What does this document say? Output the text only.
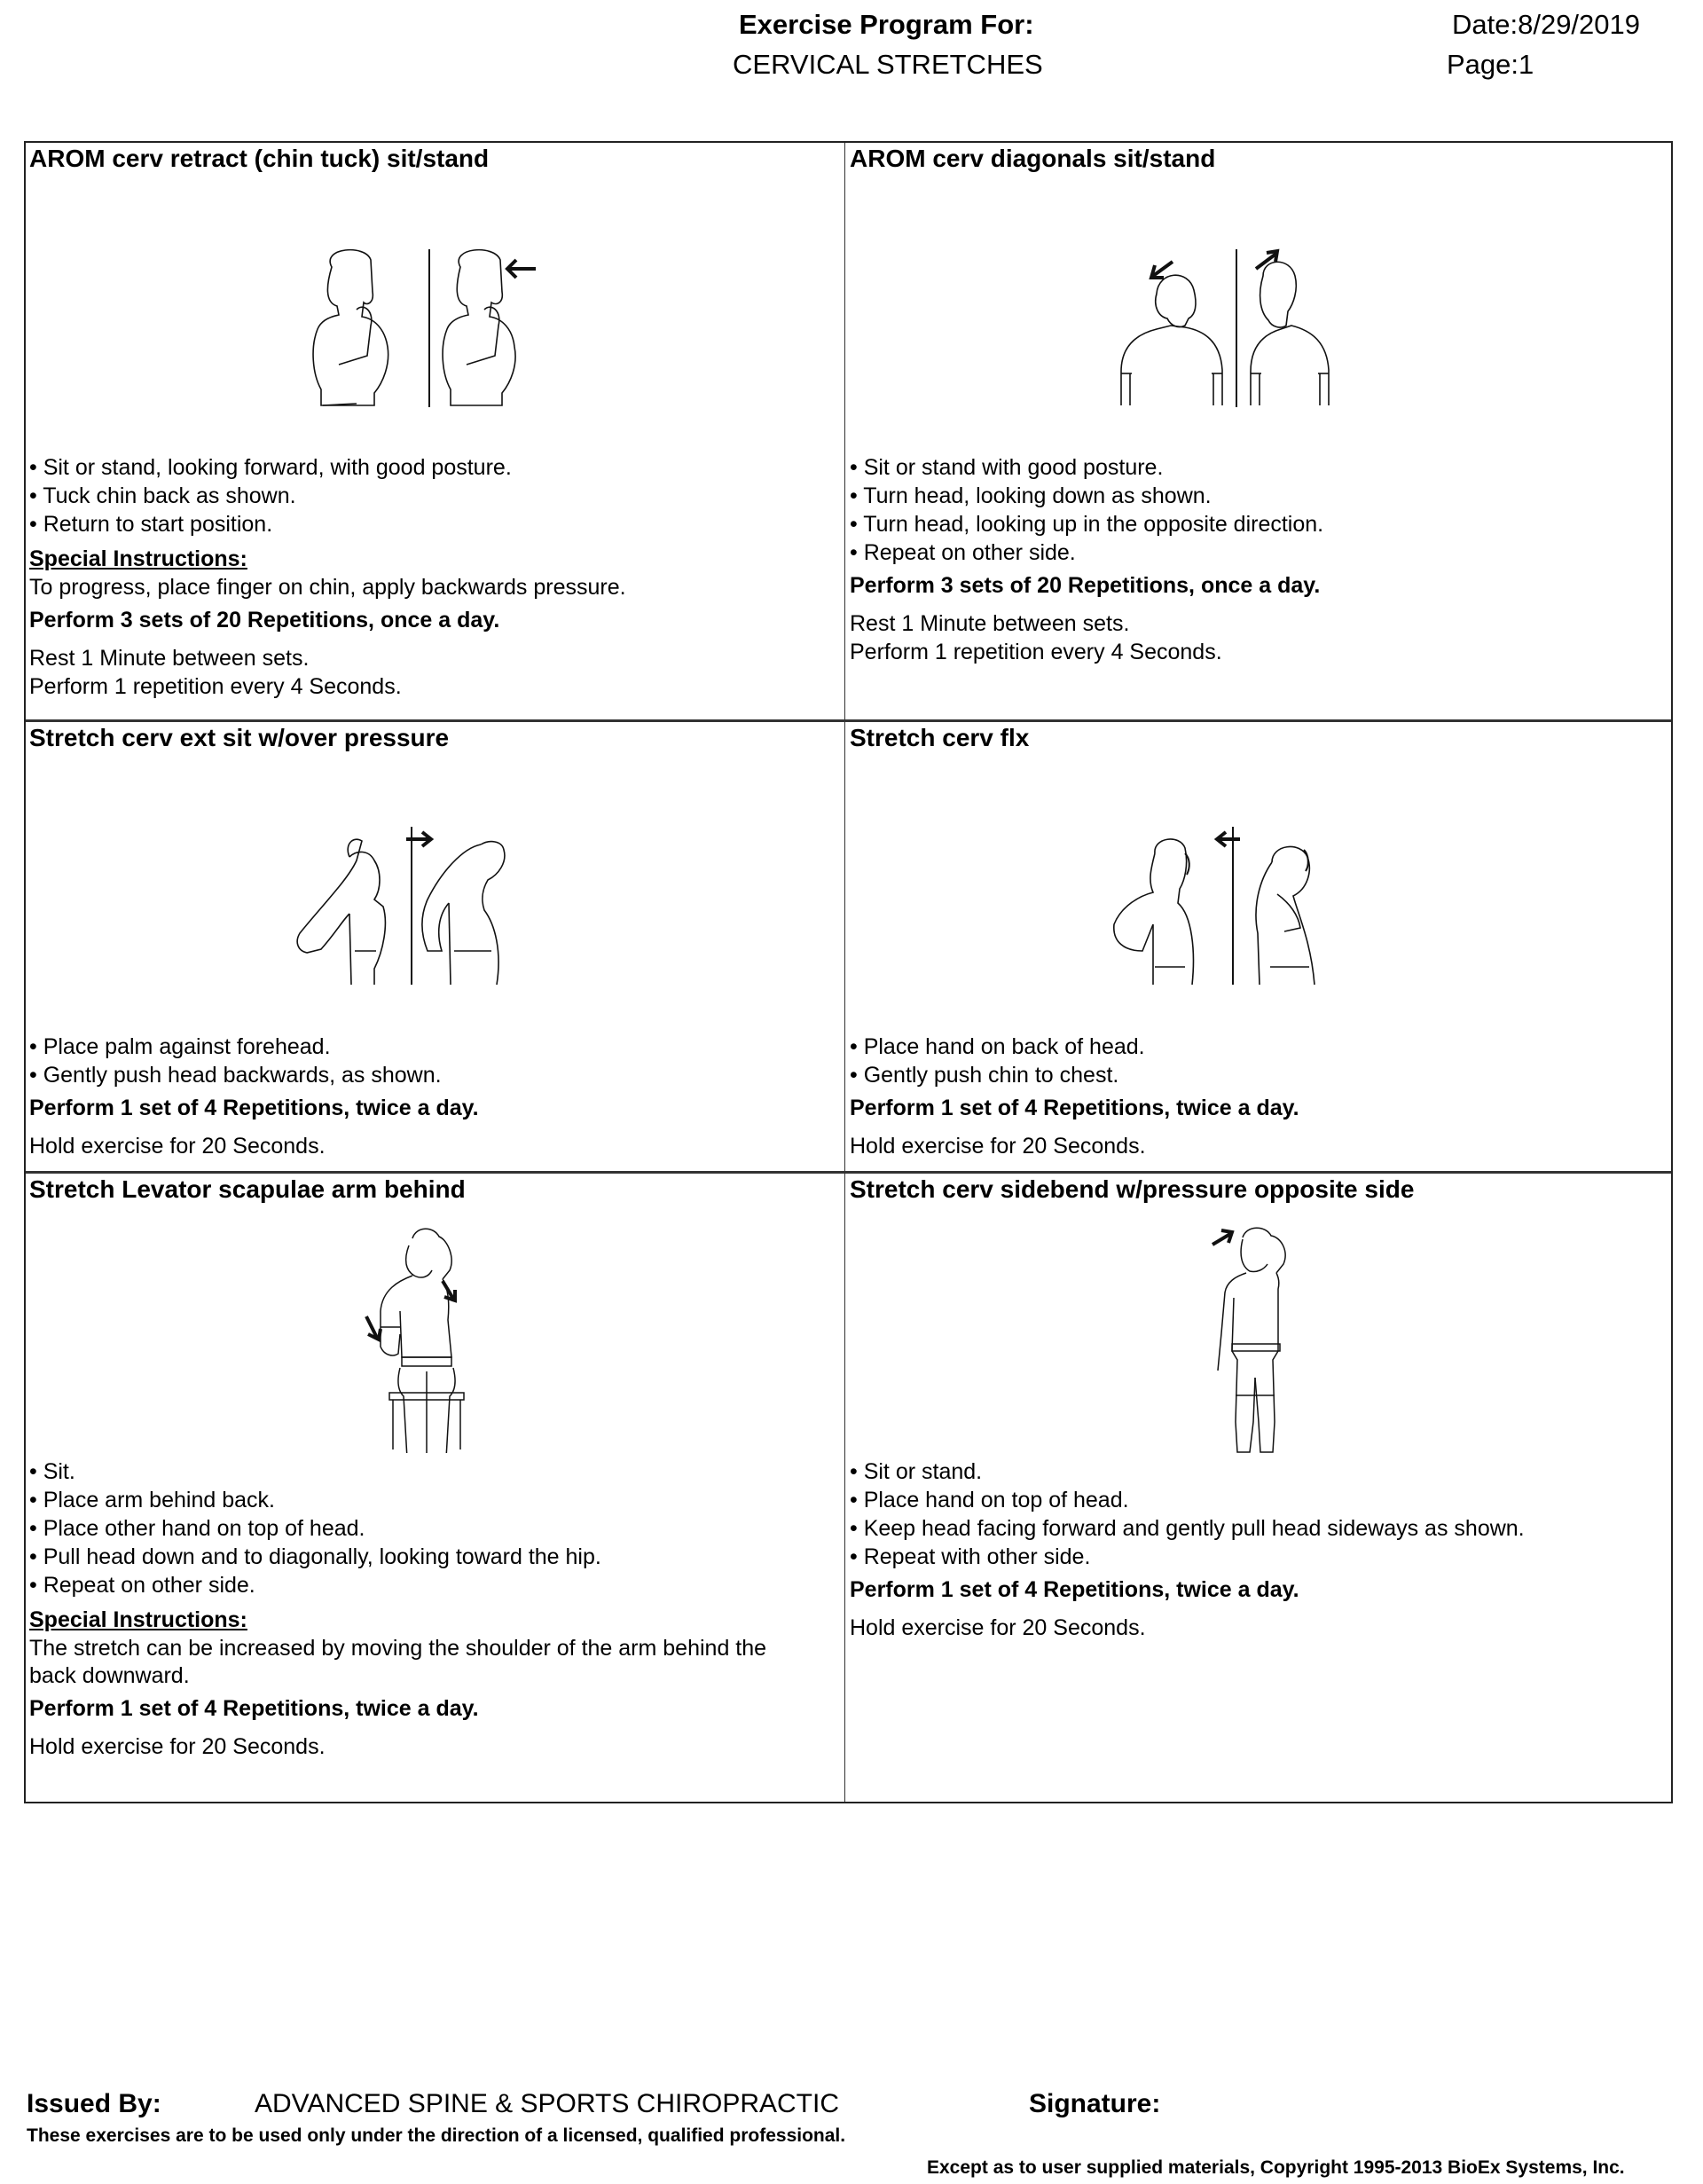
Exercise Program For:
CERVICAL STRETCHES
Date:8/29/2019
Page:1
AROM cerv retract (chin tuck) sit/stand
• Sit or stand, looking forward, with good posture.
• Tuck chin back as shown.
• Return to start position.
Special Instructions:
To progress, place finger on chin, apply backwards pressure.
Perform 3 sets of 20 Repetitions, once a day.
Rest 1 Minute between sets.
Perform 1 repetition every 4 Seconds.
AROM cerv diagonals sit/stand
• Sit or stand with good posture.
• Turn head, looking down as shown.
• Turn head, looking up in the opposite direction.
• Repeat on other side.
Perform 3 sets of 20 Repetitions, once a day.
Rest 1 Minute between sets.
Perform 1 repetition every 4 Seconds.
Stretch cerv ext sit w/over pressure
• Place palm against forehead.
• Gently push head backwards, as shown.
Perform 1 set of 4 Repetitions, twice a day.
Hold exercise for 20 Seconds.
Stretch cerv flx
• Place hand on back of head.
• Gently push chin to chest.
Perform 1 set of 4 Repetitions, twice a day.
Hold exercise for 20 Seconds.
Stretch Levator scapulae arm behind
• Sit.
• Place arm behind back.
• Place other hand on top of head.
• Pull head down and to diagonally, looking toward the hip.
• Repeat on other side.
Special Instructions:
The stretch can be increased by moving the shoulder of the arm behind the back downward.
Perform 1 set of 4 Repetitions, twice a day.
Hold exercise for 20 Seconds.
Stretch cerv sidebend w/pressure opposite side
• Sit or stand.
• Place hand on top of head.
• Keep head facing forward and gently pull head sideways as shown.
• Repeat with other side.
Perform 1 set of 4 Repetitions, twice a day.
Hold exercise for 20 Seconds.
Issued By:	ADVANCED SPINE & SPORTS CHIROPRACTIC	Signature:
These exercises are to be used only under the direction of a licensed, qualified professional.
Except as to user supplied materials, Copyright 1995-2013 BioEx Systems, Inc.
